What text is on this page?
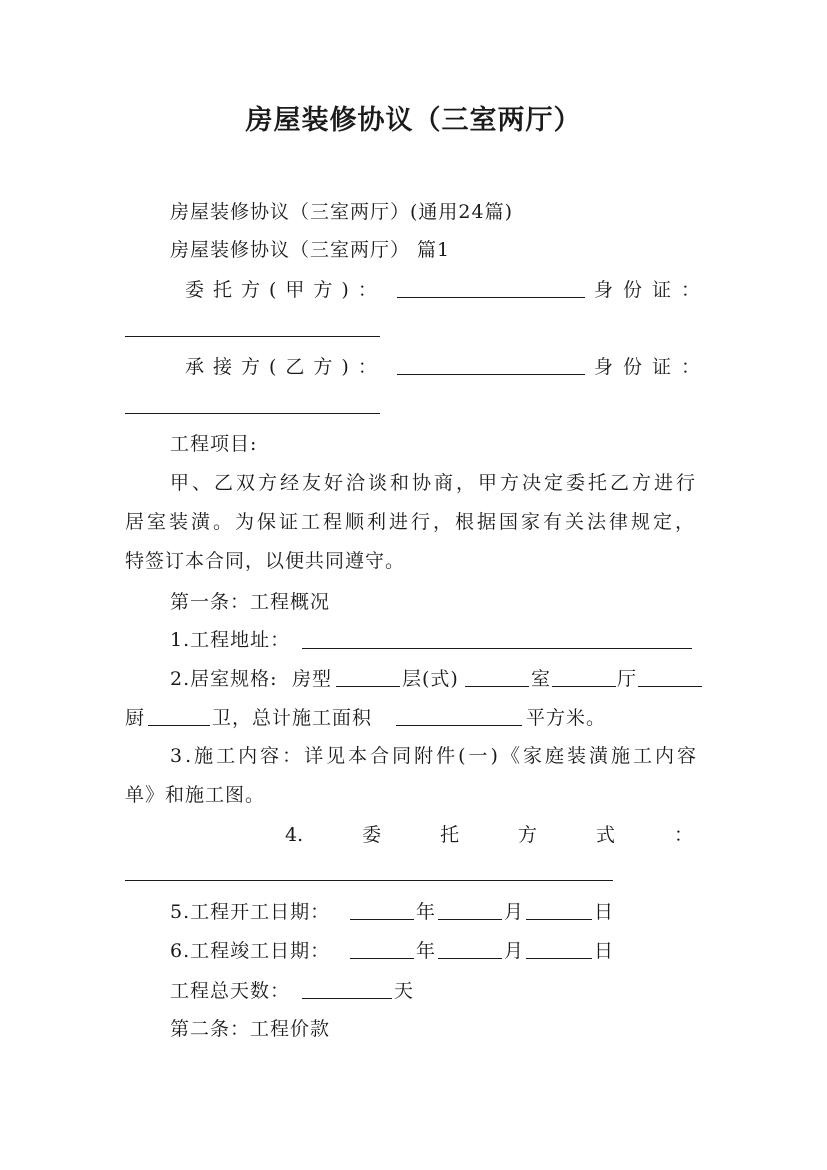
房屋装修协议（三室两厅）
房屋装修协议（三室两厅）(通用24篇)
房屋装修协议（三室两厅） 篇1
委托方(甲方)：	身份证：
承接方(乙方)：	身份证：
工程项目:
甲、乙双方经友好洽谈和协商，甲方决定委托乙方进行
居室装潢。为保证工程顺利进行，根据国家有关法律规定，
特签订本合同，以便共同遵守。
第一条：工程概况
1.工程地址：
2.居室规格: 房型	层(式)	室	厅
厨	卫，总计施工面积	平方米。
3.施工内容：详见本合同附件(一)《家庭装潢施工内容
单》和施工图。
4.	委	托	方	式	：
5.工程开工日期：	年	月	日
6.工程竣工日期：	年	月	日
工程总天数：	天
第二条：工程价款
